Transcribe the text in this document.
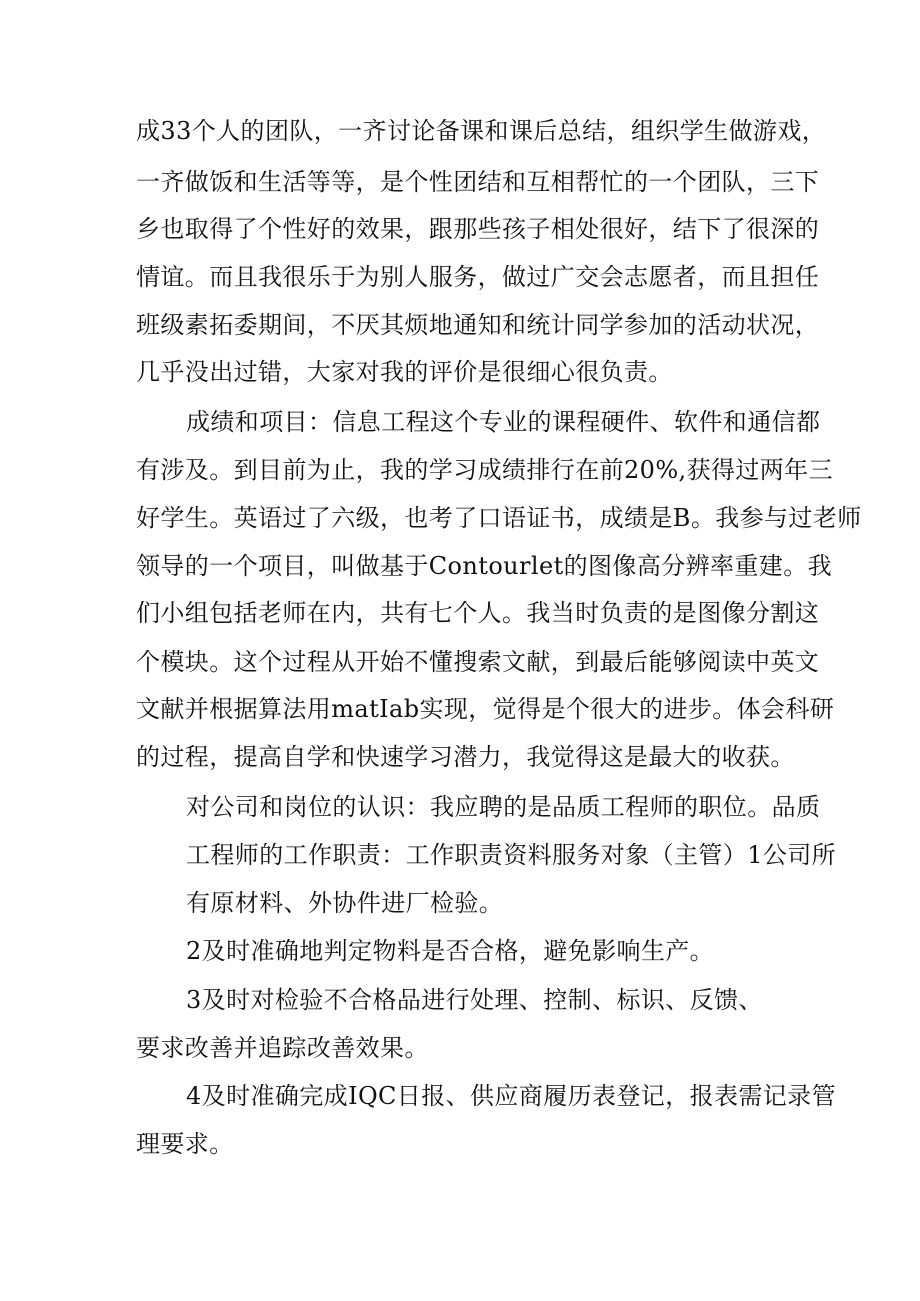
成33个人的团队，一齐讨论备课和课后总结，组织学生做游戏，
一齐做饭和生活等等，是个性团结和互相帮忙的一个团队，三下
乡也取得了个性好的效果，跟那些孩子相处很好，结下了很深的
情谊。而且我很乐于为别人服务，做过广交会志愿者，而且担任
班级素拓委期间，不厌其烦地通知和统计同学参加的活动状况，
几乎没出过错，大家对我的评价是很细心很负责。
成绩和项目：信息工程这个专业的课程硬件、软件和通信都
有涉及。到目前为止，我的学习成绩排行在前20%,获得过两年三
好学生。英语过了六级，也考了口语证书，成绩是B。我参与过老师
领导的一个项目，叫做基于Contourlet的图像高分辨率重建。我
们小组包括老师在内，共有七个人。我当时负责的是图像分割这
个模块。这个过程从开始不懂搜索文献，到最后能够阅读中英文
文献并根据算法用matIab实现，觉得是个很大的进步。体会科研
的过程，提高自学和快速学习潜力，我觉得这是最大的收获。
对公司和岗位的认识：我应聘的是品质工程师的职位。品质
工程师的工作职责：工作职责资料服务对象（主管）1公司所
有原材料、外协件进厂检验。
2及时准确地判定物料是否合格，避免影响生产。
3及时对检验不合格品进行处理、控制、标识、反馈、
要求改善并追踪改善效果。
4及时准确完成IQC日报、供应商履历表登记，报表需记录管
理要求。
